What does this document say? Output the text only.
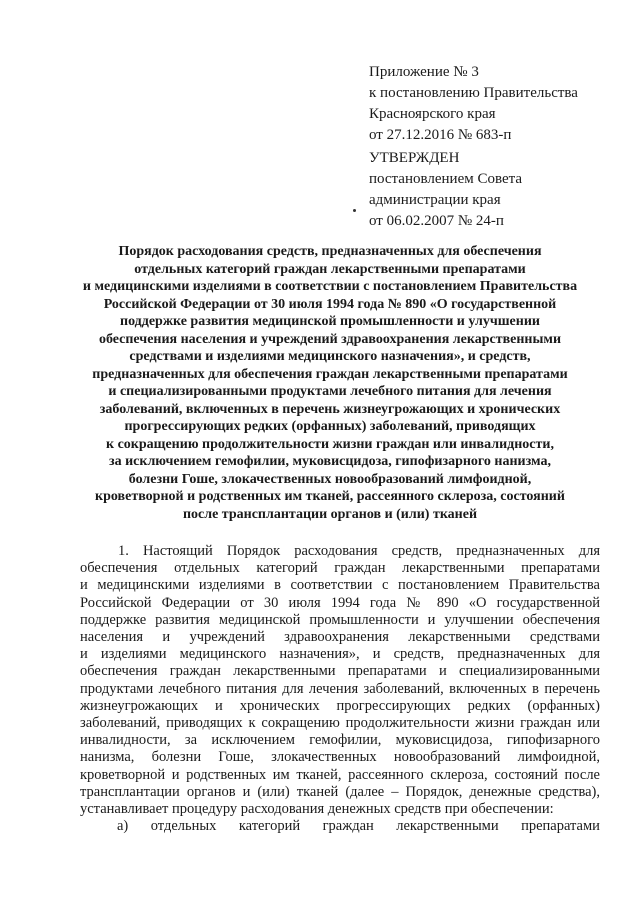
Приложение № 3
к постановлению Правительства
Красноярского края
от 27.12.2016 № 683-п
УТВЕРЖДЕН
постановлением Совета
администрации края
от 06.02.2007 № 24-п
Порядок расходования средств, предназначенных для обеспечения
отдельных категорий граждан лекарственными препаратами
и медицинскими изделиями в соответствии с постановлением Правительства
Российской Федерации от 30 июля 1994 года № 890 «О государственной
поддержке развития медицинской промышленности и улучшении
обеспечения населения и учреждений здравоохранения лекарственными
средствами и изделиями медицинского назначения», и средств,
предназначенных для обеспечения граждан лекарственными препаратами
и специализированными продуктами лечебного питания для лечения
заболеваний, включенных в перечень жизнеугрожающих и хронических
прогрессирующих редких (орфанных) заболеваний, приводящих
к сокращению продолжительности жизни граждан или инвалидности,
за исключением гемофилии, муковисцидоза, гипофизарного нанизма,
болезни Гоше, злокачественных новообразований лимфоидной,
кроветворной и родственных им тканей, рассеянного склероза, состояний
после трансплантации органов и (или) тканей
1. Настоящий Порядок расходования средств, предназначенных для
обеспечения отдельных категорий граждан лекарственными препаратами
и медицинскими изделиями в соответствии с постановлением Правительства
Российской Федерации от 30 июля 1994 года № 890 «О государственной
поддержке развития медицинской промышленности и улучшении обеспечения
населения и учреждений здравоохранения лекарственными средствами
и изделиями медицинского назначения», и средств, предназначенных для
обеспечения граждан лекарственными препаратами и специализированными
продуктами лечебного питания для лечения заболеваний, включенных в перечень
жизнеугрожающих и хронических прогрессирующих редких (орфанных)
заболеваний, приводящих к сокращению продолжительности жизни граждан или
инвалидности, за исключением гемофилии, муковисцидоза, гипофизарного
нанизма, болезни Гоше, злокачественных новообразований лимфоидной,
кроветворной и родственных им тканей, рассеянного склероза, состояний после
трансплантации органов и (или) тканей (далее – Порядок, денежные средства),
устанавливает процедуру расходования денежных средств при обеспечении:
а) отдельных категорий граждан лекарственными препаратами
